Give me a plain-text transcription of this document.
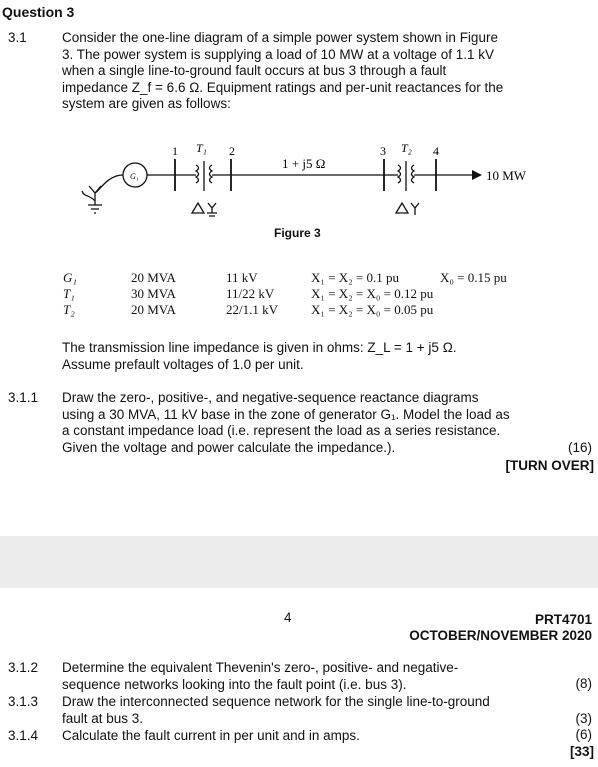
Question 3
3.1	Consider the one-line diagram of a simple power system shown in Figure
3. The power system is supplying a load of 10 MW at a voltage of 1.1 kV
when a single line-to-ground fault occurs at bus 3 through a fault
impedance Z_f = 6.6 Ω. Equipment ratings and per-unit reactances for the
system are given as follows:
G₁
1 T₁ 2
1 + j5 Ω
3 T₂ 4
10 MW
Figure 3
G₁	20 MVA	11 kV	X₁ = X₂ = 0.1 pu	X₀ = 0.15 pu
T₁	30 MVA	11/22 kV	X₁ = X₂ = X₀ = 0.12 pu
T₂	20 MVA	22/1.1 kV	X₁ = X₂ = X₀ = 0.05 pu
The transmission line impedance is given in ohms: Z_L = 1 + j5 Ω.
Assume prefault voltages of 1.0 per unit.
3.1.1 Draw the zero-, positive-, and negative-sequence reactance diagrams
using a 30 MVA, 11 kV base in the zone of generator G₁. Model the load as
a constant impedance load (i.e. represent the load as a series resistance.
Given the voltage and power calculate the impedance.).	(16)
[TURN OVER]
4	PRT4701
OCTOBER/NOVEMBER 2020
3.1.2 Determine the equivalent Thevenin's zero-, positive- and negative-
sequence networks looking into the fault point (i.e. bus 3).	(8)
3.1.3 Draw the interconnected sequence network for the single line-to-ground
fault at bus 3.	(3)
3.1.4 Calculate the fault current in per unit and in amps.	(6)
[33]
